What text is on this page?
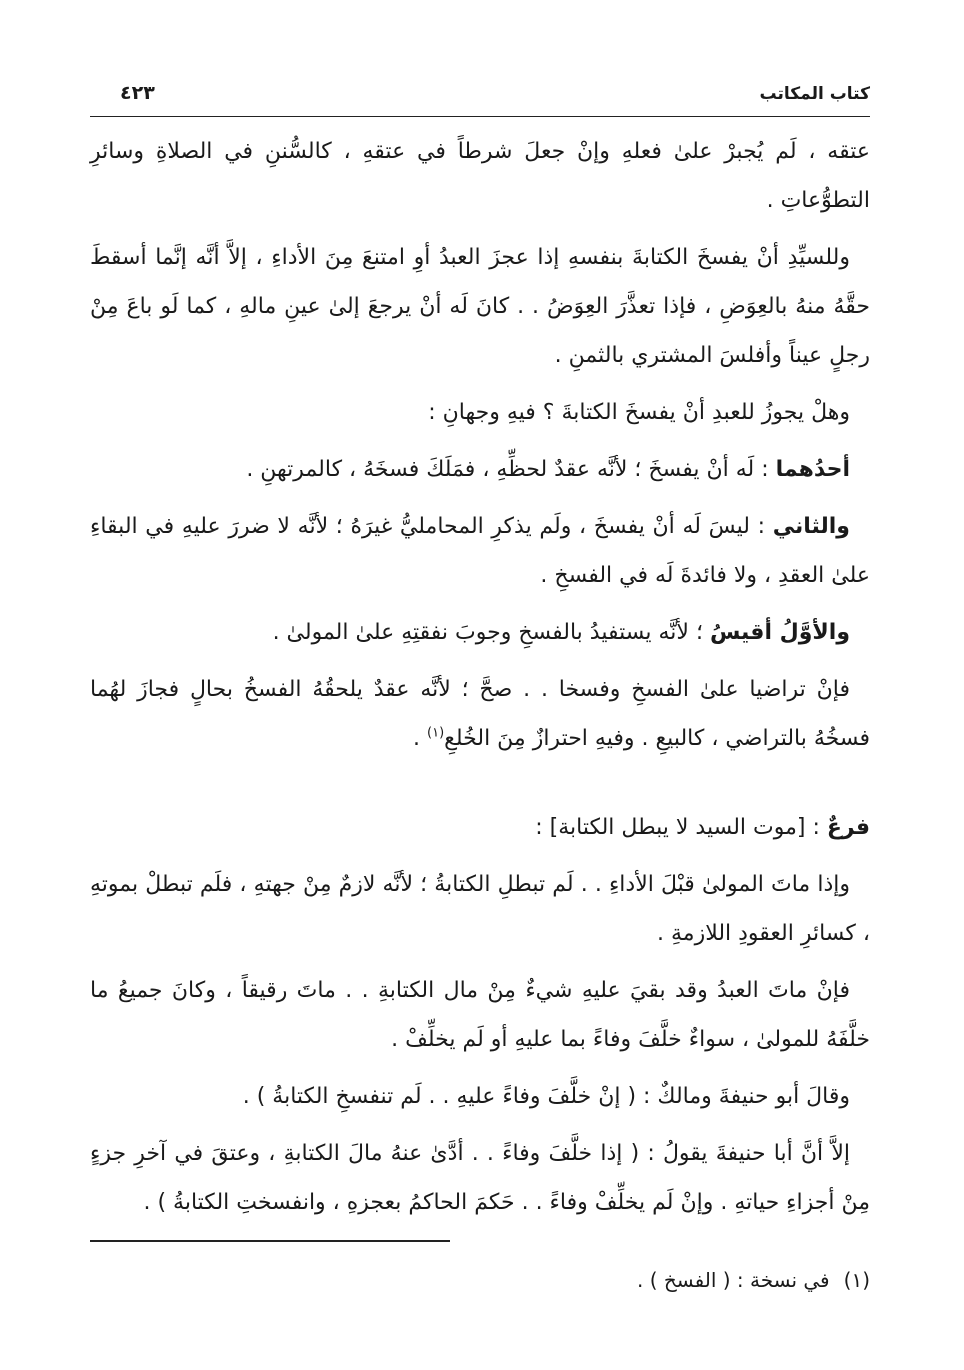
كتاب المكاتب
٤٢٣

عتقه ، لَم يُجبرْ علىٰ فعلهِ وإنْ جعلَ شرطاً في عتقهِ ، كالسُّننِ في الصلاةِ وسائرِ التطوُّعاتِ .

وللسيِّدِ أنْ يفسخَ الكتابةَ بنفسهِ إذا عجزَ العبدُ أوِ امتنعَ مِنَ الأداءِ ، إلاَّ أنَّه إنَّما أسقطَ حقَّهُ منهُ بالعِوَضِ ، فإذا تعذَّرَ العِوَضُ . . كانَ لَه أنْ يرجعَ إلىٰ عينِ مالهِ ، كما لَو باعَ مِنْ رجلٍ عيناً وأفلسَ المشتري بالثمنِ .

وهلْ يجوزُ للعبدِ أنْ يفسخَ الكتابةَ ؟ فيهِ وجهانِ :

أحدُهما : لَه أنْ يفسخَ ؛ لأنَّه عقدٌ لحظِّهِ ، فمَلَكَ فسخَهُ ، كالمرتهنِ .

والثاني : ليسَ لَه أنْ يفسخَ ، ولَم يذكرِ المحامليُّ غيرَهُ ؛ لأنَّه لا ضررَ عليهِ في البقاءِ علىٰ العقدِ ، ولا فائدةَ لَه في الفسخِ .

والأوَّلُ أقيسُ ؛ لأنَّه يستفيدُ بالفسخِ وجوبَ نفقتِهِ علىٰ المولىٰ .

فإنْ تراضيا علىٰ الفسخِ وفسخا . . صحَّ ؛ لأنَّه عقدٌ يلحقُهُ الفسخُ بحالٍ فجازَ لهُما فسخُهُ بالتراضي ، كالبيعِ . وفيهِ احترازٌ مِنَ الخُلعِ$^{(١)}$ .

فرعٌ : [موت السيد لا يبطل الكتابة] :

وإذا ماتَ المولىٰ قبْلَ الأداءِ . . لَم تبطلِ الكتابةُ ؛ لأنَّه لازمٌ مِنْ جهتهِ ، فلَم تبطلْ بموتهِ ، كسائرِ العقودِ اللازمةِ .

فإنْ ماتَ العبدُ وقد بقيَ عليهِ شيءٌ مِنْ مال الكتابةِ . . ماتَ رقيقاً ، وكانَ جميعُ ما خلَّفَهُ للمولىٰ ، سواءٌ خلَّفَ وفاءً بما عليهِ أو لَم يخلِّفْ .

وقالَ أبو حنيفةَ ومالكٌ : ( إنْ خلَّفَ وفاءً عليهِ . . لَم تنفسخِ الكتابةُ ) .

إلاَّ أنَّ أبا حنيفةَ يقولُ : ( إذا خلَّفَ وفاءً . . أدَّىٰ عنهُ مالَ الكتابةِ ، وعتقَ في آخرِ جزءٍ مِنْ أجزاءِ حياتهِ . وإنْ لَم يخلِّفْ وفاءً . . حَكمَ الحاكمُ بعجزهِ ، وانفسختِ الكتابةُ ) .

(١)في نسخة : ( الفسخ ) .
